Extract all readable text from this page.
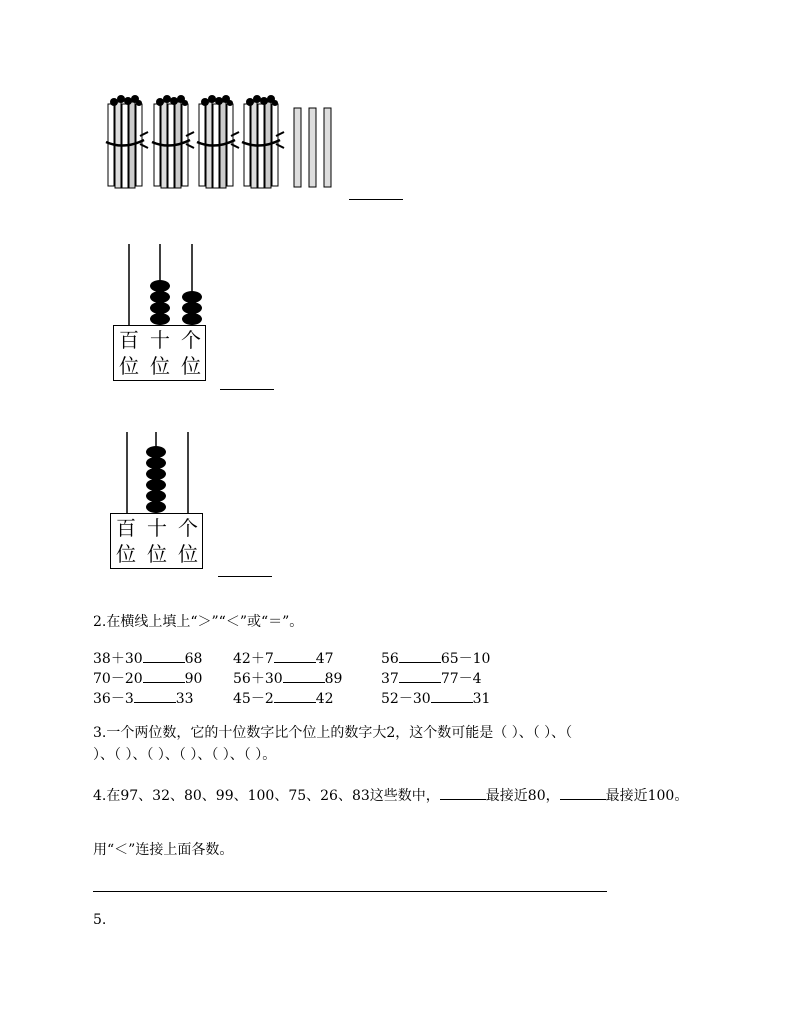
百 十 个
位 位 位
百 十 个
位 位 位
2.在横线上填上“＞”“＜”或“＝”。
38＋30	68 42＋7	47	56	65－10
70－20	90 56＋30	89	37	77－4
36－3	33	45－2	42	52－30	31
3.一个两位数，它的十位数字比个位上的数字大2，这个数可能是（ ）、（ ）、（
）、（ ）、（ ）、（ ）、（ ）、（ ）。
4.在97、32、80、99、100、75、26、83这些数中，	最接近80，	最接近100。
用“＜”连接上面各数。
5.
